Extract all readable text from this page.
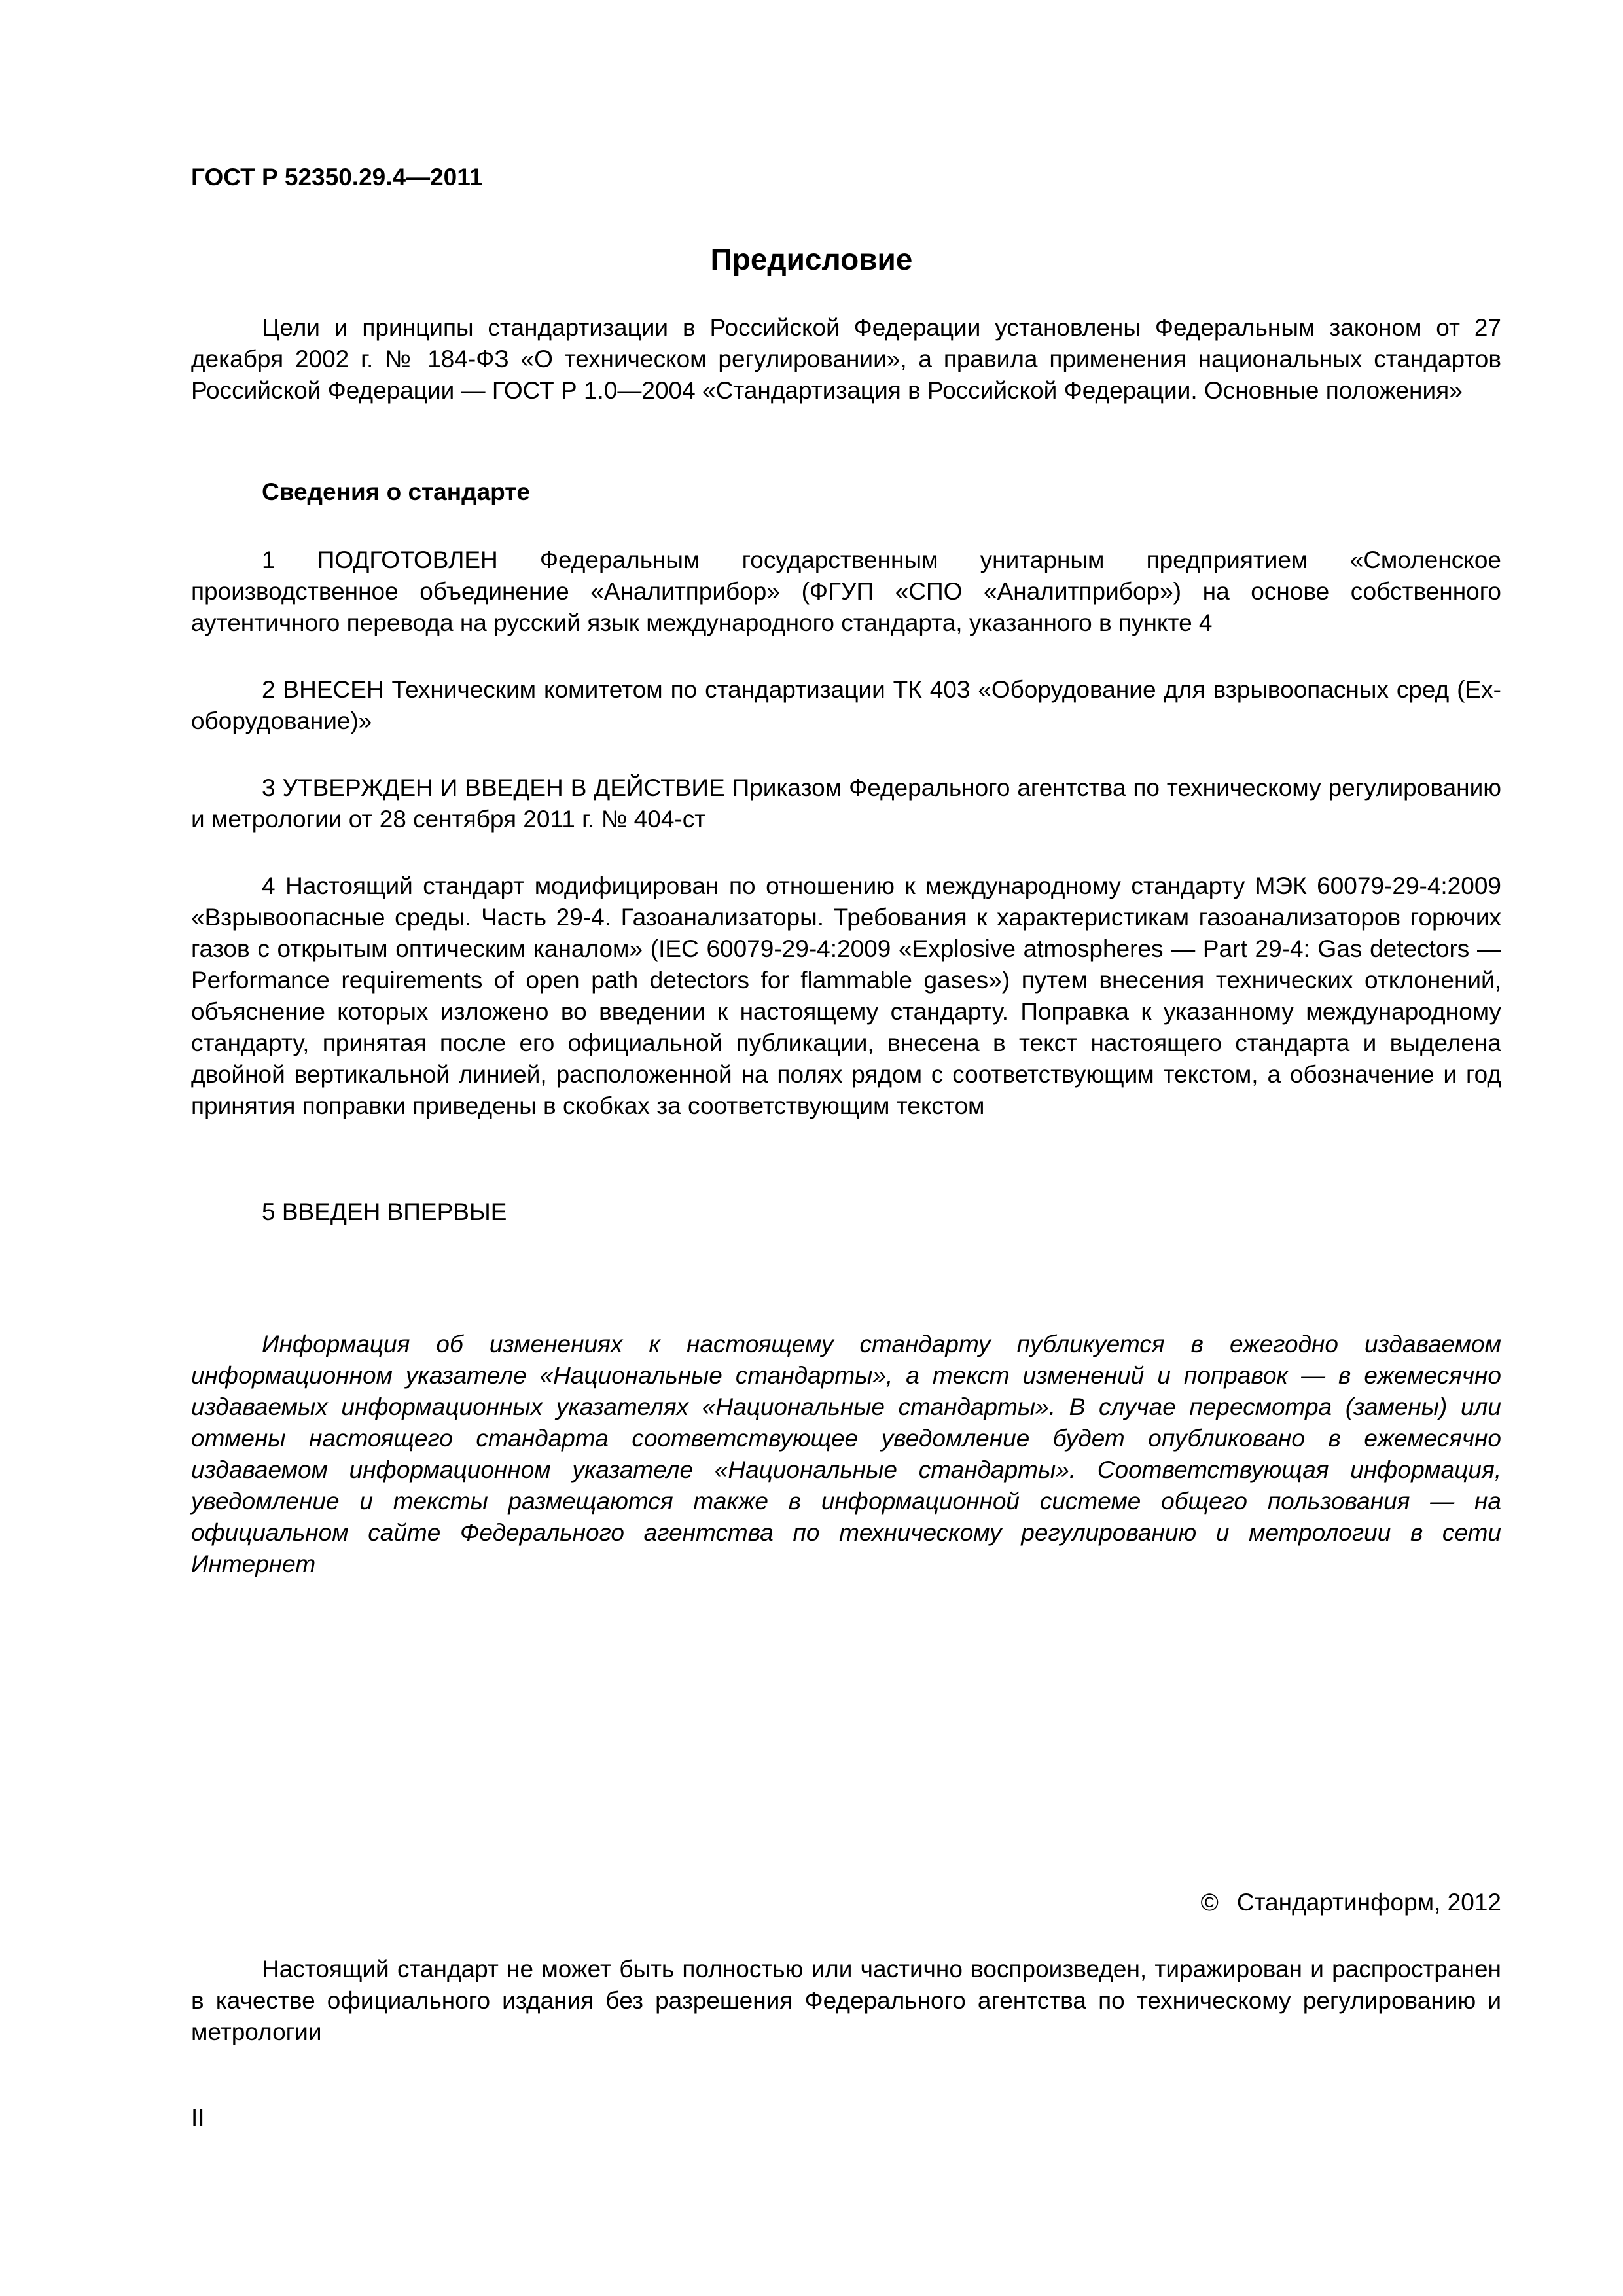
ГОСТ Р 52350.29.4—2011
Предисловие
Цели и принципы стандартизации в Российской Федерации установлены Федеральным законом от 27 декабря 2002 г. № 184-ФЗ «О техническом регулировании», а правила применения национальных стандартов Российской Федерации — ГОСТ Р 1.0—2004 «Стандартизация в Российской Федерации. Основные положения»
Сведения о стандарте
1 ПОДГОТОВЛЕН Федеральным государственным унитарным предприятием «Смоленское производственное объединение «Аналитприбор» (ФГУП «СПО «Аналитприбор») на основе собственного аутентичного перевода на русский язык международного стандарта, указанного в пункте 4
2 ВНЕСЕН Техническим комитетом по стандартизации ТК 403 «Оборудование для взрывоопасных сред (Ex-оборудование)»
3 УТВЕРЖДЕН И ВВЕДЕН В ДЕЙСТВИЕ Приказом Федерального агентства по техническому регулированию и метрологии от 28 сентября 2011 г. № 404-ст
4 Настоящий стандарт модифицирован по отношению к международному стандарту МЭК 60079-29-4:2009 «Взрывоопасные среды. Часть 29-4. Газоанализаторы. Требования к характеристикам газоанализаторов горючих газов с открытым оптическим каналом» (IEC 60079-29-4:2009 «Explosive atmospheres — Part 29-4: Gas detectors — Performance requirements of open path detectors for flammable gases») путем внесения технических отклонений, объяснение которых изложено во введении к настоящему стандарту. Поправка к указанному международному стандарту, принятая после его официальной публикации, внесена в текст настоящего стандарта и выделена двойной вертикальной линией, расположенной на полях рядом с соответствующим текстом, а обозначение и год принятия поправки приведены в скобках за соответствующим текстом
5 ВВЕДЕН ВПЕРВЫЕ
Информация об изменениях к настоящему стандарту публикуется в ежегодно издаваемом информационном указателе «Национальные стандарты», а текст изменений и поправок — в ежемесячно издаваемых информационных указателях «Национальные стандарты». В случае пересмотра (замены) или отмены настоящего стандарта соответствующее уведомление будет опубликовано в ежемесячно издаваемом информационном указателе «Национальные стандарты». Соответствующая информация, уведомление и тексты размещаются также в информационной системе общего пользования — на официальном сайте Федерального агентства по техническому регулированию и метрологии в сети Интернет
© Стандартинформ, 2012
Настоящий стандарт не может быть полностью или частично воспроизведен, тиражирован и распространен в качестве официального издания без разрешения Федерального агентства по техническому регулированию и метрологии
II
